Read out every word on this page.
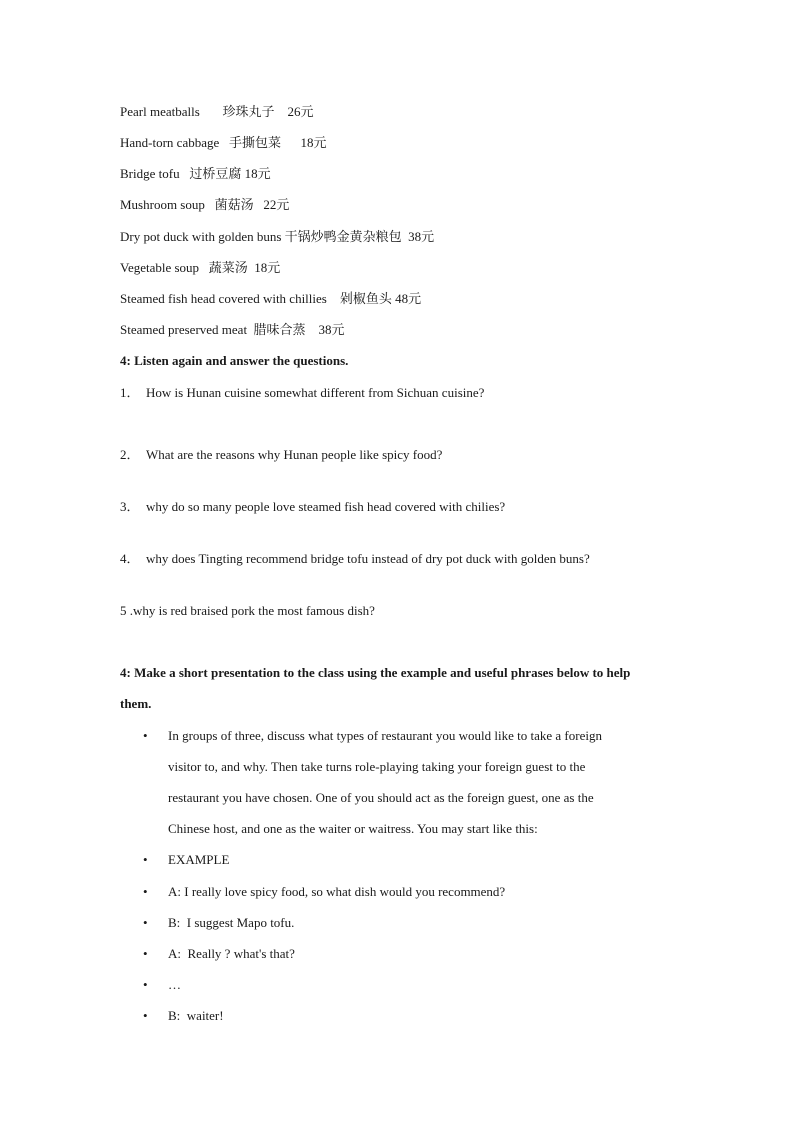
Pearl meatballs       珍珠丸子    26元
Hand-torn cabbage   手撕包菜      18元
Bridge tofu   过桥豆腐 18元
Mushroom soup   菌菇汤   22元
Dry pot duck with golden buns 干锅炒鸭金黄杂粮包  38元
Vegetable soup   蔬菜汤  18元
Steamed fish head covered with chillies    剁椒鱼头 48元
Steamed preserved meat  腊味合蒸    38元
4: Listen again and answer the questions.
1．  How is Hunan cuisine somewhat different from Sichuan cuisine?
2．  What are the reasons why Hunan people like spicy food?
3．  why do so many people love steamed fish head covered with chilies?
4．  why does Tingting recommend bridge tofu instead of dry pot duck with golden buns?
5 .why is red braised pork the most famous dish?
4: Make a short presentation to the class using the example and useful phrases below to help
them.
•	In groups of three, discuss what types of restaurant you would like to take a foreign
visitor to, and why. Then take turns role-playing taking your foreign guest to the
restaurant you have chosen. One of you should act as the foreign guest, one as the
Chinese host, and one as the waiter or waitress. You may start like this:
•	EXAMPLE
•	A: I really love spicy food, so what dish would you recommend?
•	B:  I suggest Mapo tofu.
•	A:  Really ? what's that?
•	…
•	B:  waiter!
